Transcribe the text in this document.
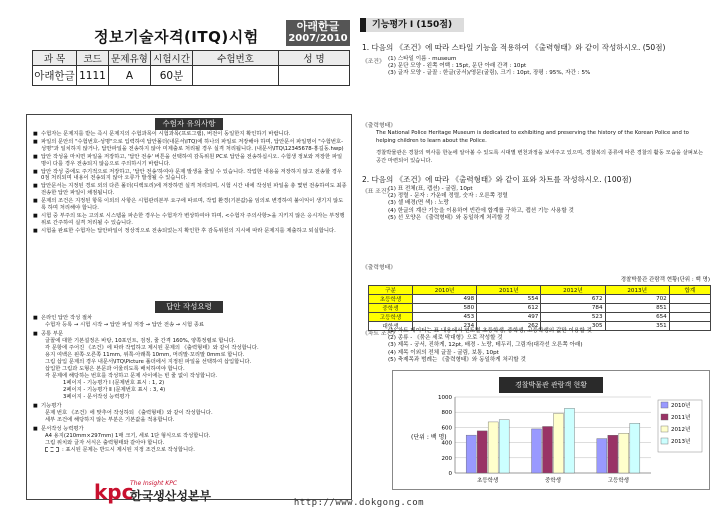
정보기술자격(ITQ)시험
아래한글
2007/2010
과 목	코드	문제유형	시험시간	수험번호	성 명
아래한글	1111	A	60분		
수험자 유의사항
■ 수험자는 문제지를 받는 즉시 문제지의 수험과목이 시험과목(프로그램), 버전이 동일한지 확인하기 바랍니다.
■ 파일의 문안의 "수험번호-성명"으로 입력하여 답안폴더(내문서\ITQ)에 하나의 파일로 저장해야 하며, 답안문서 파일명이 "수험번호-성명"과 일치하지 않거나, 답안파일을 전송하지 않아 미제출로 처리될 경우 실격 처리됩니다. (내문서\ITQ\12345678-홍길동.hwp)
■ 답안 작성을 마치면 파일을 저장하고, '답안 전송' 버튼을 선택하여 감독위원 PC로 답안을 전송하십시오. 수험생 정보와 저장한 파일명이 다를 경우 전송되지 않음으로 주의하시기 바랍니다.
■ 답안 작성 중에도 주기적으로 저장하고, '답안 전송'하여야 문제 발생을 줄일 수 있습니다. 작업한 내용을 저장하지 않고 전송할 경우 0점 처리되며 내용이 전송되지 않아 오류가 발생될 수 있습니다.
■ 답안문서는 지정된 경로 외의 다른 폴더(디렉토리)에 저장하면 실격 처리되며, 시험 시간 내에 작성된 파일을 총 몇번 전송하여도 최종 전송한 답안 파일이 채점됩니다.
■ 문제의 조건은 지정된 항목 이외의 사항은 시험관리본부 요구에 따르며, 작업 환경(기본값)을 임의로 변경하여 불이익이 생기지 않도록 하며 처리해야 합니다.
■ 시험 중 부주의 또는 고의로 시스템을 파손한 경우는 수험자가 변상하여야 하며, <수험자 주의사항>을 지키지 않은 응시자는 부정행위로 간주하여 실격 처리될 수 있습니다.
■ 시험을 완료한 수험자는 답안파일이 정상적으로 전송되었는지 확인한 후 감독위원의 지시에 따라 문제지를 제출하고 퇴실합니다.
답안 작성요령
■ 온라인 답안 작성 절차
수험자 등록 → 시험 시작 → 답안 파일 저장 → 답안 전송 → 시험 종료
■ 공통 부문
글꼴에 대한 기본설정은 바탕, 10포인트, 검정, 줄 간격 160%, 양쪽정렬로 합니다.
각 문항에 주어진 《조건》에 따라 작업하고 제시된 문제의 《출력형태》와 같이 작성합니다.
용지 여백은 왼쪽·오른쪽 11mm, 위쪽·아래쪽 10mm, 머리말·꼬리말 0mm로 합니다.
그림 삽입 문제의 경우 내문서\ITQ\Picture 폴더에서 지정된 파일을 선택하여 삽입합니다.
삽입한 그림과 도형은 본문과 어울리도록 배치하여야 합니다.
각 문제에 해당하는 번호를 작성하고 문제 사이에는 빈 줄 없이 작성합니다.
1페이지 - 기능평가 Ⅰ (문제번호 표시 : 1, 2)
2페이지 - 기능평가 Ⅱ (문제번호 표시 : 3, 4)
3페이지 - 문서작성 능력평가
■ 기능평가
문제 번호 《조건》에 맞추어 작성하되 《출력형태》와 같이 작성합니다.
세부 조건에 해당하지 않는 부분은 기본값을 적용합니다.
■ 문서작성 능력평가
A4 용지(210mm×297mm) 1매 크기, 세로 1단 형식으로 작성합니다.
그림 위치와 글자 서식은 출력형태와 같아야 합니다.
: 표시된 문제는 반드시 제시된 지정 조건으로 작성합니다.
kpc
The Insight KPC
한국생산성본부
기능평가 Ⅰ (150점)
1. 다음의 《조건》에 따라 스타일 기능을 적용하여 《출력형태》와 같이 작성하시오. (50점)
《조건》 (1) 스타일 이름 - museum
(2) 문단 모양 - 왼쪽 여백 : 15pt, 문단 아래 간격 : 10pt
(3) 글자 모양 - 글꼴 : 한글(궁서)/영문(굴림), 크기 : 10pt, 장평 : 95%, 자간 : 5%
《출력형태》
The National Police Heritage Museum is dedicated to exhibiting and preserving the history of the Korean Police and to helping children to learn about the Police.
경찰박물관은 경찰의 역사를 한눈에 알아볼 수 있도록 시대별 변천과정을 보여주고 있으며, 경찰복의 종류에 따른 경찰의 활동 모습을 살펴보는 공간 마련되어 있습니다.
2. 다음의 《조건》에 따라 《출력형태》와 같이 표와 차트를 작성하시오. (100점)
《표 조건》
(1) 표 전체(표, 캡션) - 굴림, 10pt
(2) 정렬 - 문자 : 가운데 정렬, 숫자 : 오른쪽 정렬
(3) 셀 배경(면 색) : 노랑
(4) 한글의 계산 기능을 이용하여 빈칸에 합계를 구하고, 캡션 기능 사용할 것
(5) 선 모양은 《출력형태》와 동일하게 처리할 것
《출력형태》
경찰박물관 관람객 현황(단위 : 백 명)
구분	2010년	2011년	2012년	2013년	합계
초등학생	498	554	672	702	
중학생	580	612	784	851	
고등학생	453	497	523	654	
대학생	234	262	305	351	
《차트 조건》
(1) 차트 데이터는 표 내용에서 연도별 초등학생, 중학생, 고등학생의 값만 이용할 것
(2) 종류 - 《묶은 세로 막대형》으로 작성할 것
(3) 제목 - 궁서, 진하게, 12pt, 배경 - 노랑, 테두리, 그림자(대각선 오른쪽 아래)
(4) 제목 이외의 전체 글꼴 - 굴림, 보통, 10pt
(5) 축제목과 범례는 《출력형태》와 동일하게 처리할 것
0
200
400
600
800
1000
(단위 : 백 명)
초등학생	중학생	고등학생
2010년
2011년
2012년
2013년
경찰박물관 관람객 현황
http://www.dokgong.com
